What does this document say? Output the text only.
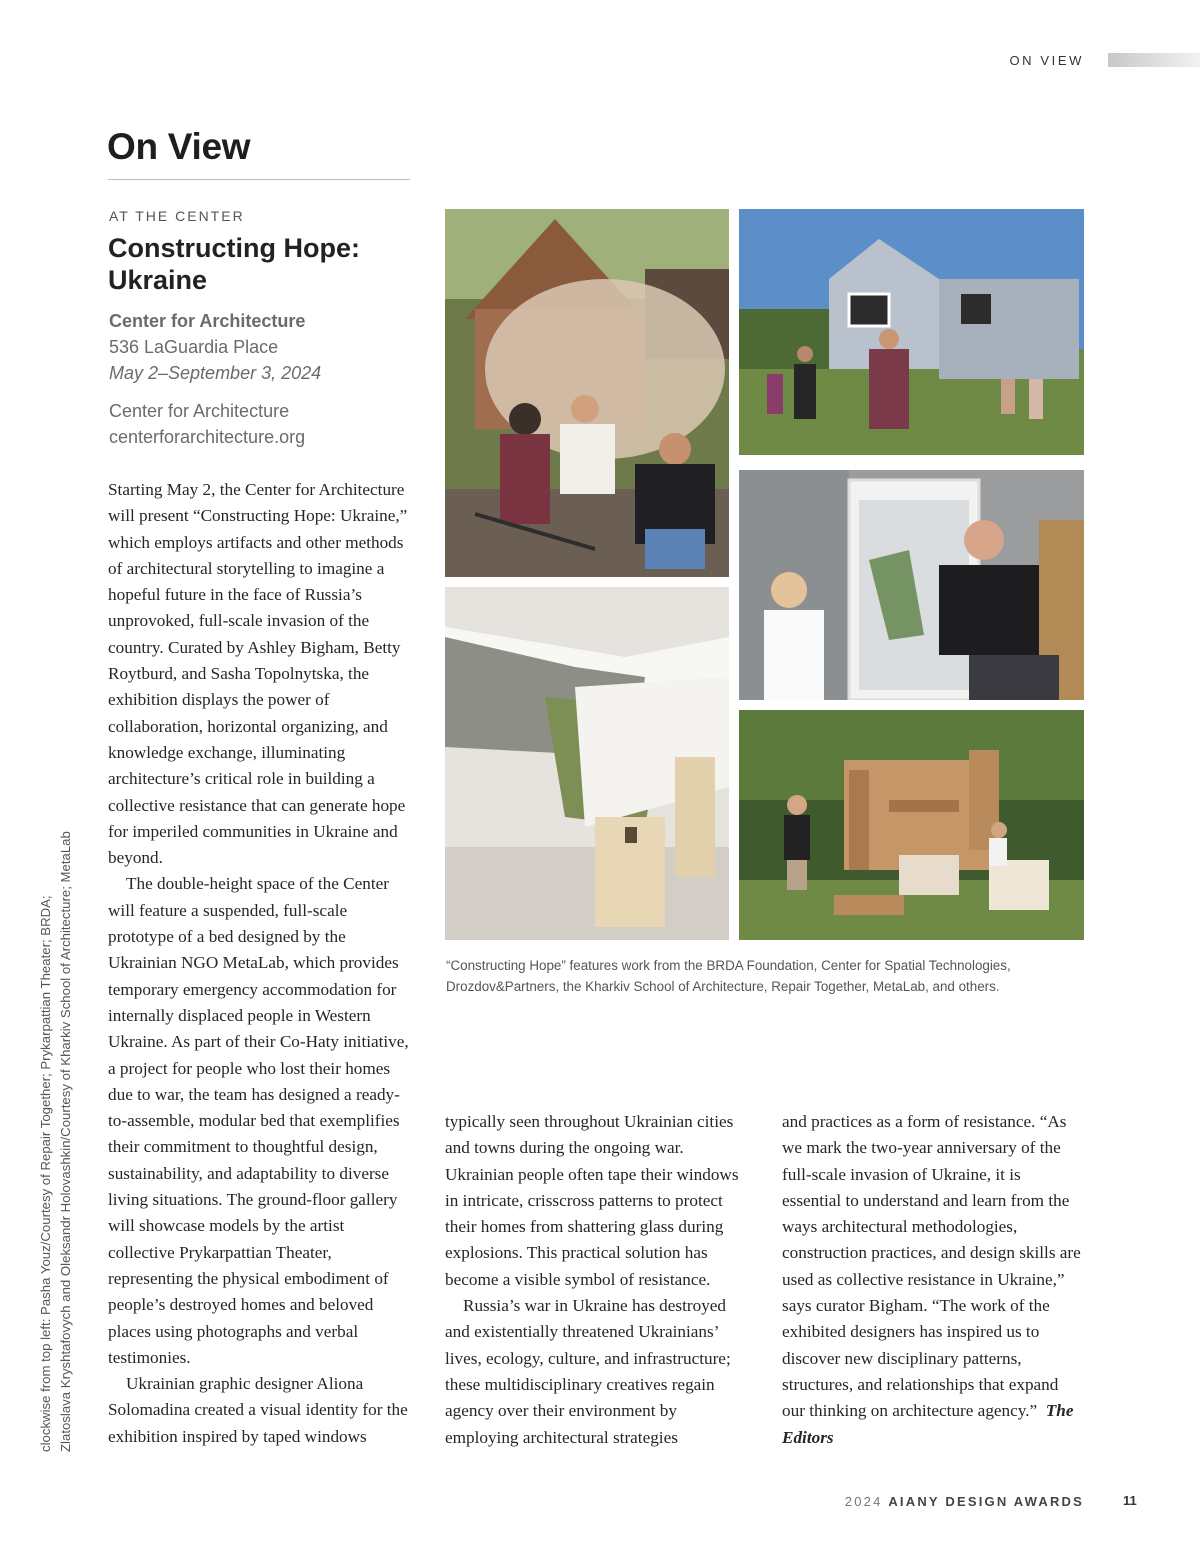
ON VIEW
On View
AT THE CENTER
Constructing Hope: Ukraine
Center for Architecture
536 LaGuardia Place
May 2–September 3, 2024
Center for Architecture
centerforarchitecture.org

Starting May 2, the Center for Architecture will present “Constructing Hope: Ukraine,” which employs artifacts and other methods of architectural storytelling to imagine a hopeful future in the face of Russia’s unprovoked, full-scale invasion of the country. Curated by Ashley Bigham, Betty Roytburd, and Sasha Topolnytska, the exhibition displays the power of collaboration, horizontal organizing, and knowledge exchange, illuminating architecture’s critical role in building a collective resistance that can generate hope for imperiled communities in Ukraine and beyond.

The double-height space of the Center will feature a suspended, full-scale prototype of a bed designed by the Ukrainian NGO MetaLab, which provides temporary emergency accommodation for internally displaced people in Western Ukraine. As part of their Co-Haty initiative, a project for people who lost their homes due to war, the team has designed a ready-to-assemble, modular bed that exemplifies their commitment to thoughtful design, sustainability, and adaptability to diverse living situations. The ground-floor gallery will showcase models by the artist collective Prykarpattian Theater, representing the physical embodiment of people’s destroyed homes and beloved places using photographs and verbal testimonies.

Ukrainian graphic designer Aliona Solomadina created a visual identity for the exhibition inspired by taped windows

typically seen throughout Ukrainian cities and towns during the ongoing war. Ukrainian people often tape their windows in intricate, crisscross patterns to protect their homes from shattering glass during explosions. This practical solution has become a visible symbol of resistance.

Russia’s war in Ukraine has destroyed and existentially threatened Ukrainians’ lives, ecology, culture, and infrastructure; these multidisciplinary creatives regain agency over their environment by employing architectural strategies

and practices as a form of resistance. “As we mark the two-year anniversary of the full-scale invasion of Ukraine, it is essential to understand and learn from the ways architectural methodologies, construction practices, and design skills are used as collective resistance in Ukraine,” says curator Bigham. “The work of the exhibited designers has inspired us to discover new disciplinary patterns, structures, and relationships that expand our thinking on architecture agency.” The Editors

“Constructing Hope” features work from the BRDA Foundation, Center for Spatial Technologies, Drozdov&Partners, the Kharkiv School of Architecture, Repair Together, MetaLab, and others.
clockwise from top left: Pasha Youz/Courtesy of Repair Together; Prykarpattian Theater; BRDA; Zlatoslava Kryshtafovych and Oleksandr Holovashkin/Courtesy of Kharkiv School of Architecture; MetaLab
2024 AIANY DESIGN AWARDS	11
